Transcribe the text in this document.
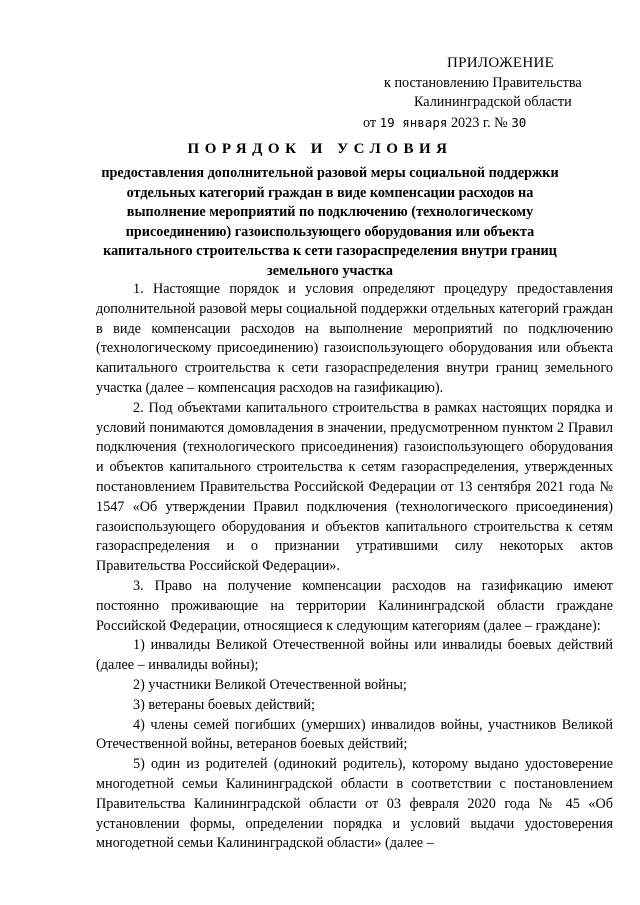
ПРИЛОЖЕНИЕ
к постановлению Правительства
Калининградской области
от 19 января 2023 г. № 30
ПОРЯДОК И УСЛОВИЯ
предоставления дополнительной разовой меры социальной поддержки отдельных категорий граждан в виде компенсации расходов на выполнение мероприятий по подключению (технологическому присоединению) газоиспользующего оборудования или объекта капитального строительства к сети газораспределения внутри границ земельного участка

1. Настоящие порядок и условия определяют процедуру предоставления дополнительной разовой меры социальной поддержки отдельных категорий граждан в виде компенсации расходов на выполнение мероприятий по подключению (технологическому присоединению) газоиспользующего оборудования или объекта капитального строительства к сети газораспределения внутри границ земельного участка (далее – компенсация расходов на газификацию).

2. Под объектами капитального строительства в рамках настоящих порядка и условий понимаются домовладения в значении, предусмотренном пунктом 2 Правил подключения (технологического присоединения) газоиспользующего оборудования и объектов капитального строительства к сетям газораспределения, утвержденных постановлением Правительства Российской Федерации от 13 сентября 2021 года № 1547 «Об утверждении Правил подключения (технологического присоединения) газоиспользующего оборудования и объектов капитального строительства к сетям газораспределения и о признании утратившими силу некоторых актов Правительства Российской Федерации».

3. Право на получение компенсации расходов на газификацию имеют постоянно проживающие на территории Калининградской области граждане Российской Федерации, относящиеся к следующим категориям (далее – граждане):

1) инвалиды Великой Отечественной войны или инвалиды боевых действий (далее – инвалиды войны);

2) участники Великой Отечественной войны;

3) ветераны боевых действий;

4) члены семей погибших (умерших) инвалидов войны, участников Великой Отечественной войны, ветеранов боевых действий;

5) один из родителей (одинокий родитель), которому выдано удостоверение многодетной семьи Калининградской области в соответствии с постановлением Правительства Калининградской области от 03 февраля 2020 года № 45 «Об установлении формы, определении порядка и условий выдачи удостоверения многодетной семьи Калининградской области» (далее –
